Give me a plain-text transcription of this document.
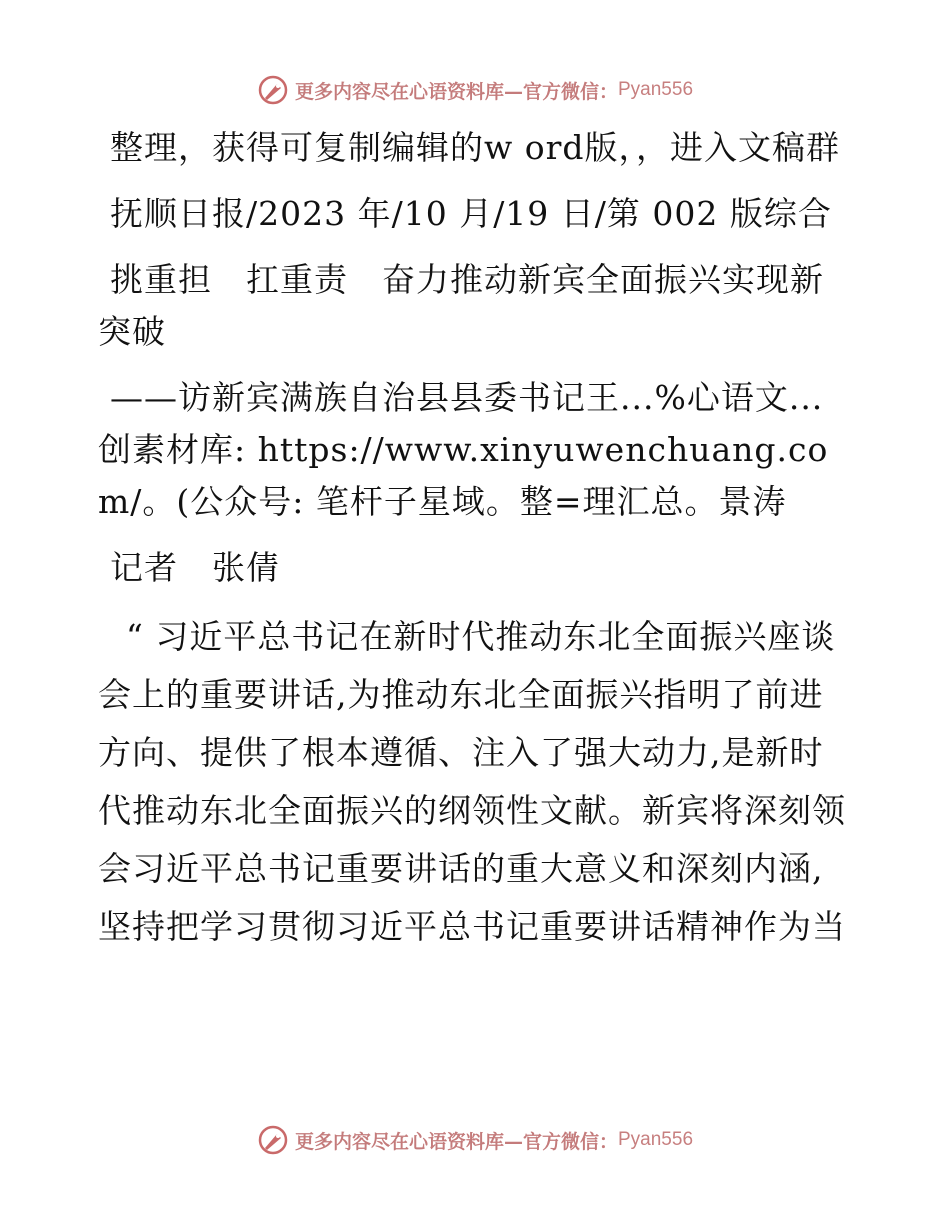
更多内容尽在心语资料库—官方微信： Pyan556

整理，获得可复制编辑的w ord版，，进入文稿群

抚顺日报/2023 年/10 月/19 日/第 002 版综合

挑重担　扛重责　奋力推动新宾全面振兴实现新突破

——访新宾满族自治县县委书记王...%心语文...创素材库: https://www.xinyuwenchuang.com/。(公众号: 笔杆子星域。整=理汇总。景涛

记者　张倩

“ 习近平总书记在新时代推动东北全面振兴座谈会上的重要讲话,为推动东北全面振兴指明了前进方向、提供了根本遵循、注入了强大动力,是新时代推动东北全面振兴的纲领性文献。新宾将深刻领会习近平总书记重要讲话的重大意义和深刻内涵,坚持把学习贯彻习近平总书记重要讲话精神作为当

更多内容尽在心语资料库—官方微信： Pyan556
